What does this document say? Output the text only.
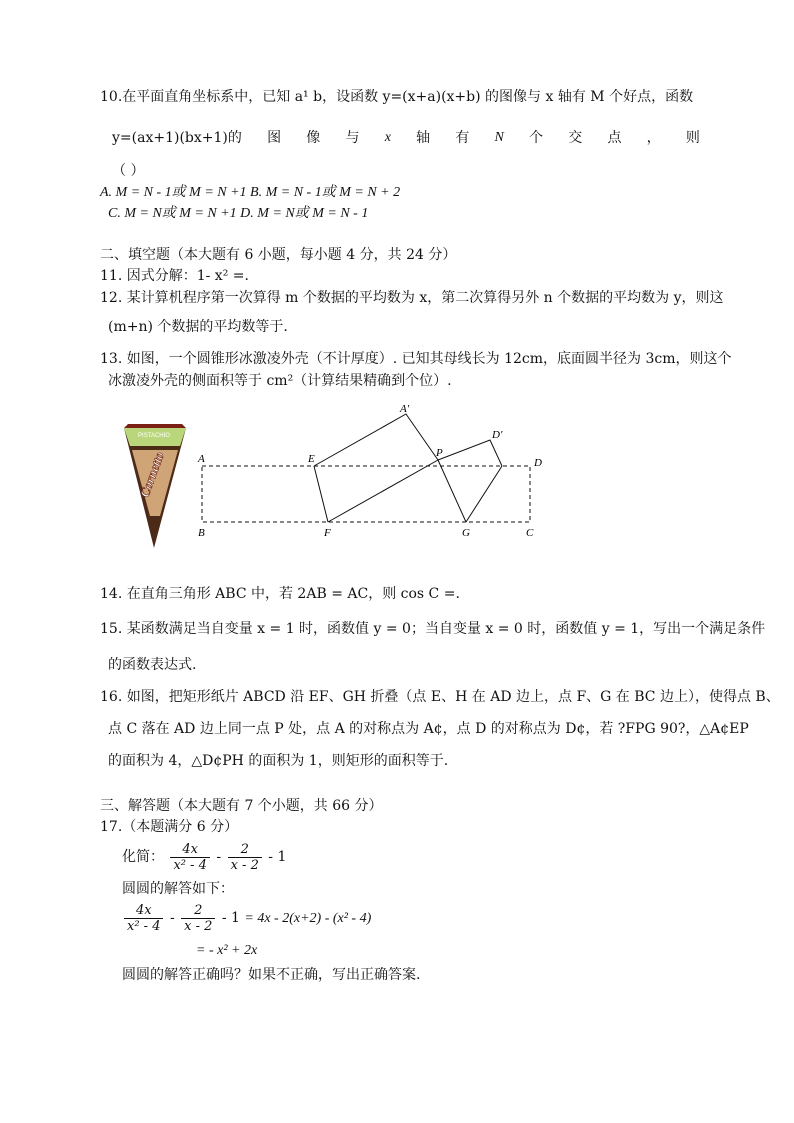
10.在平面直角坐标系中，已知 a¹ b，设函数 y=(x+a)(x+b) 的图像与 x 轴有 M 个好点，函数
y=(ax+1)(bx+1)的 图 像 与 x 轴 有 N 个 交 点 ， 则
（ ）
A. M = N - 1或 M = N +1 B. M = N - 1或 M = N + 2
C. M = N或 M = N +1 D. M = N或 M = N - 1
二、填空题（本大题有 6 小题，每小题 4 分，共 24 分）
11. 因式分解：1- x² =.
12. 某计算机程序第一次算得 m 个数据的平均数为 x，第二次算得另外 n 个数据的平均数为 y，则这
(m+n) 个数据的平均数等于.
13. 如图，一个圆锥形冰激凌外壳（不计厚度）. 已知其母线长为 12cm，底面圆半径为 3cm，则这个
冰激凌外壳的侧面积等于 cm²（计算结果精确到个位）.
PISTACHIO
Cornetto	A
B	C
D
E
F	G
P
A'
D'
14. 在直角三角形 ABC 中，若 2AB = AC，则 cos C =.
15. 某函数满足当自变量 x = 1 时，函数值 y = 0；当自变量 x = 0 时，函数值 y = 1，写出一个满足条件
的函数表达式.
16. 如图，把矩形纸片 ABCD 沿 EF、GH 折叠（点 E、H 在 AD 边上，点 F、G 在 BC 边上），使得点 B、
点 C 落在 AD 边上同一点 P 处，点 A 的对称点为 A¢，点 D 的对称点为 D¢，若 ?FPG 90?，△A¢EP
的面积为 4，△D¢PH 的面积为 1，则矩形的面积等于.
三、解答题（本大题有 7 个小题，共 66 分）
17.（本题满分 6 分）
化简： $\frac{4x}{\text{x² - 4}} - \frac{2}{x - 2} - 1$
圆圆的解答如下：
$\frac{4x}{\text{x² - 4}} - \frac{2}{x - 2} - 1 = 4x - 2(x+2) - (x^2 - 4)$
= - x² + 2x
圆圆的解答正确吗？如果不正确，写出正确答案.
